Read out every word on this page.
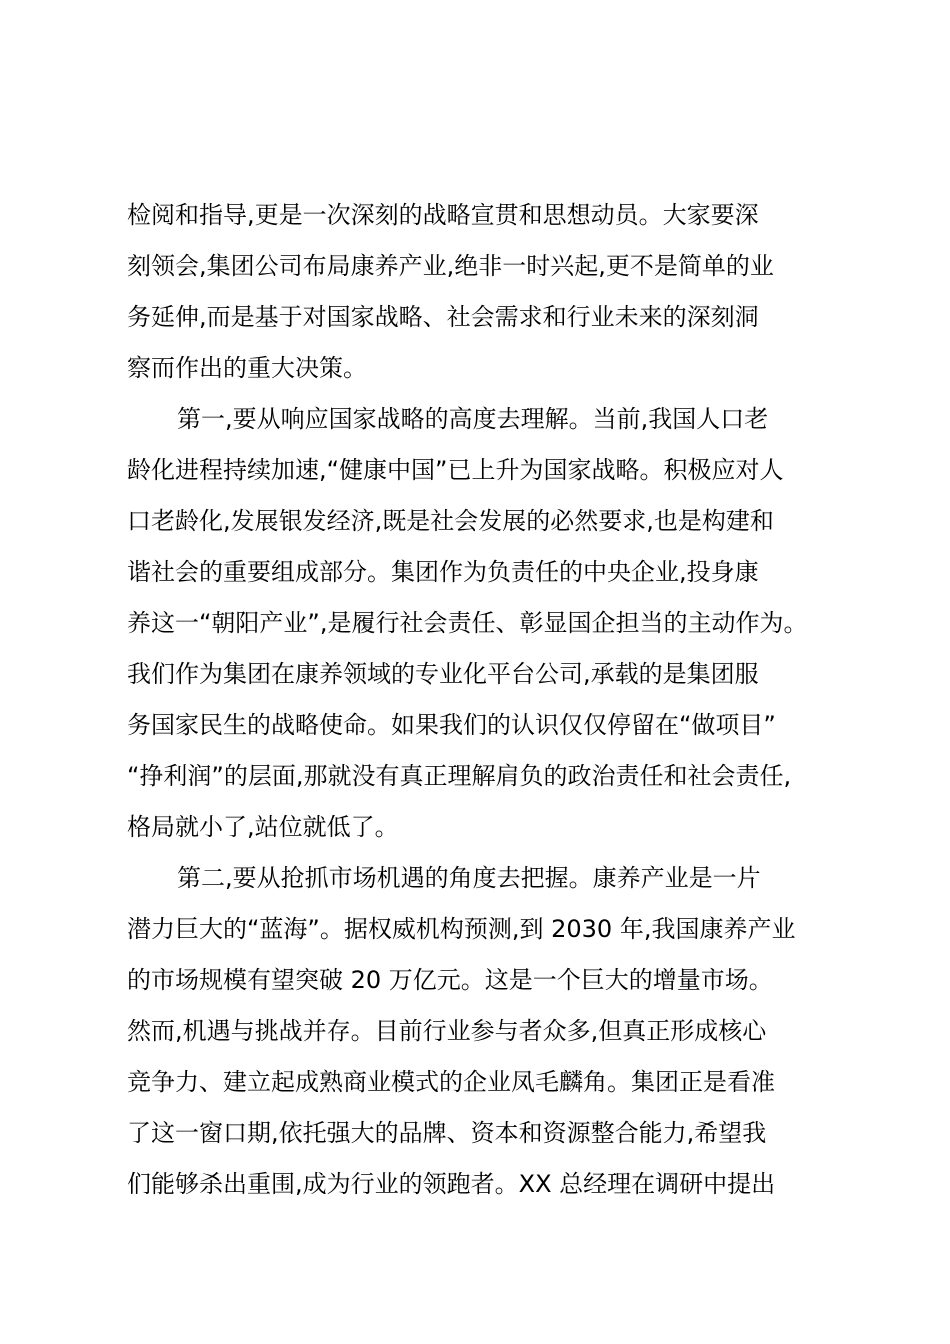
检阅和指导,更是一次深刻的战略宣贯和思想动员。大家要深
刻领会,集团公司布局康养产业,绝非一时兴起,更不是简单的业
务延伸,而是基于对国家战略、社会需求和行业未来的深刻洞
察而作出的重大决策。
第一,要从响应国家战略的高度去理解。当前,我国人口老
龄化进程持续加速,“健康中国”已上升为国家战略。积极应对人
口老龄化,发展银发经济,既是社会发展的必然要求,也是构建和
谐社会的重要组成部分。集团作为负责任的中央企业,投身康
养这一“朝阳产业”,是履行社会责任、彰显国企担当的主动作为。
我们作为集团在康养领域的专业化平台公司,承载的是集团服
务国家民生的战略使命。如果我们的认识仅仅停留在“做项目”
“挣利润”的层面,那就没有真正理解肩负的政治责任和社会责任,
格局就小了,站位就低了。
第二,要从抢抓市场机遇的角度去把握。康养产业是一片
潜力巨大的“蓝海”。据权威机构预测,到 2030 年,我国康养产业
的市场规模有望突破 20 万亿元。这是一个巨大的增量市场。
然而,机遇与挑战并存。目前行业参与者众多,但真正形成核心
竞争力、建立起成熟商业模式的企业凤毛麟角。集团正是看准
了这一窗口期,依托强大的品牌、资本和资源整合能力,希望我
们能够杀出重围,成为行业的领跑者。XX 总经理在调研中提出
